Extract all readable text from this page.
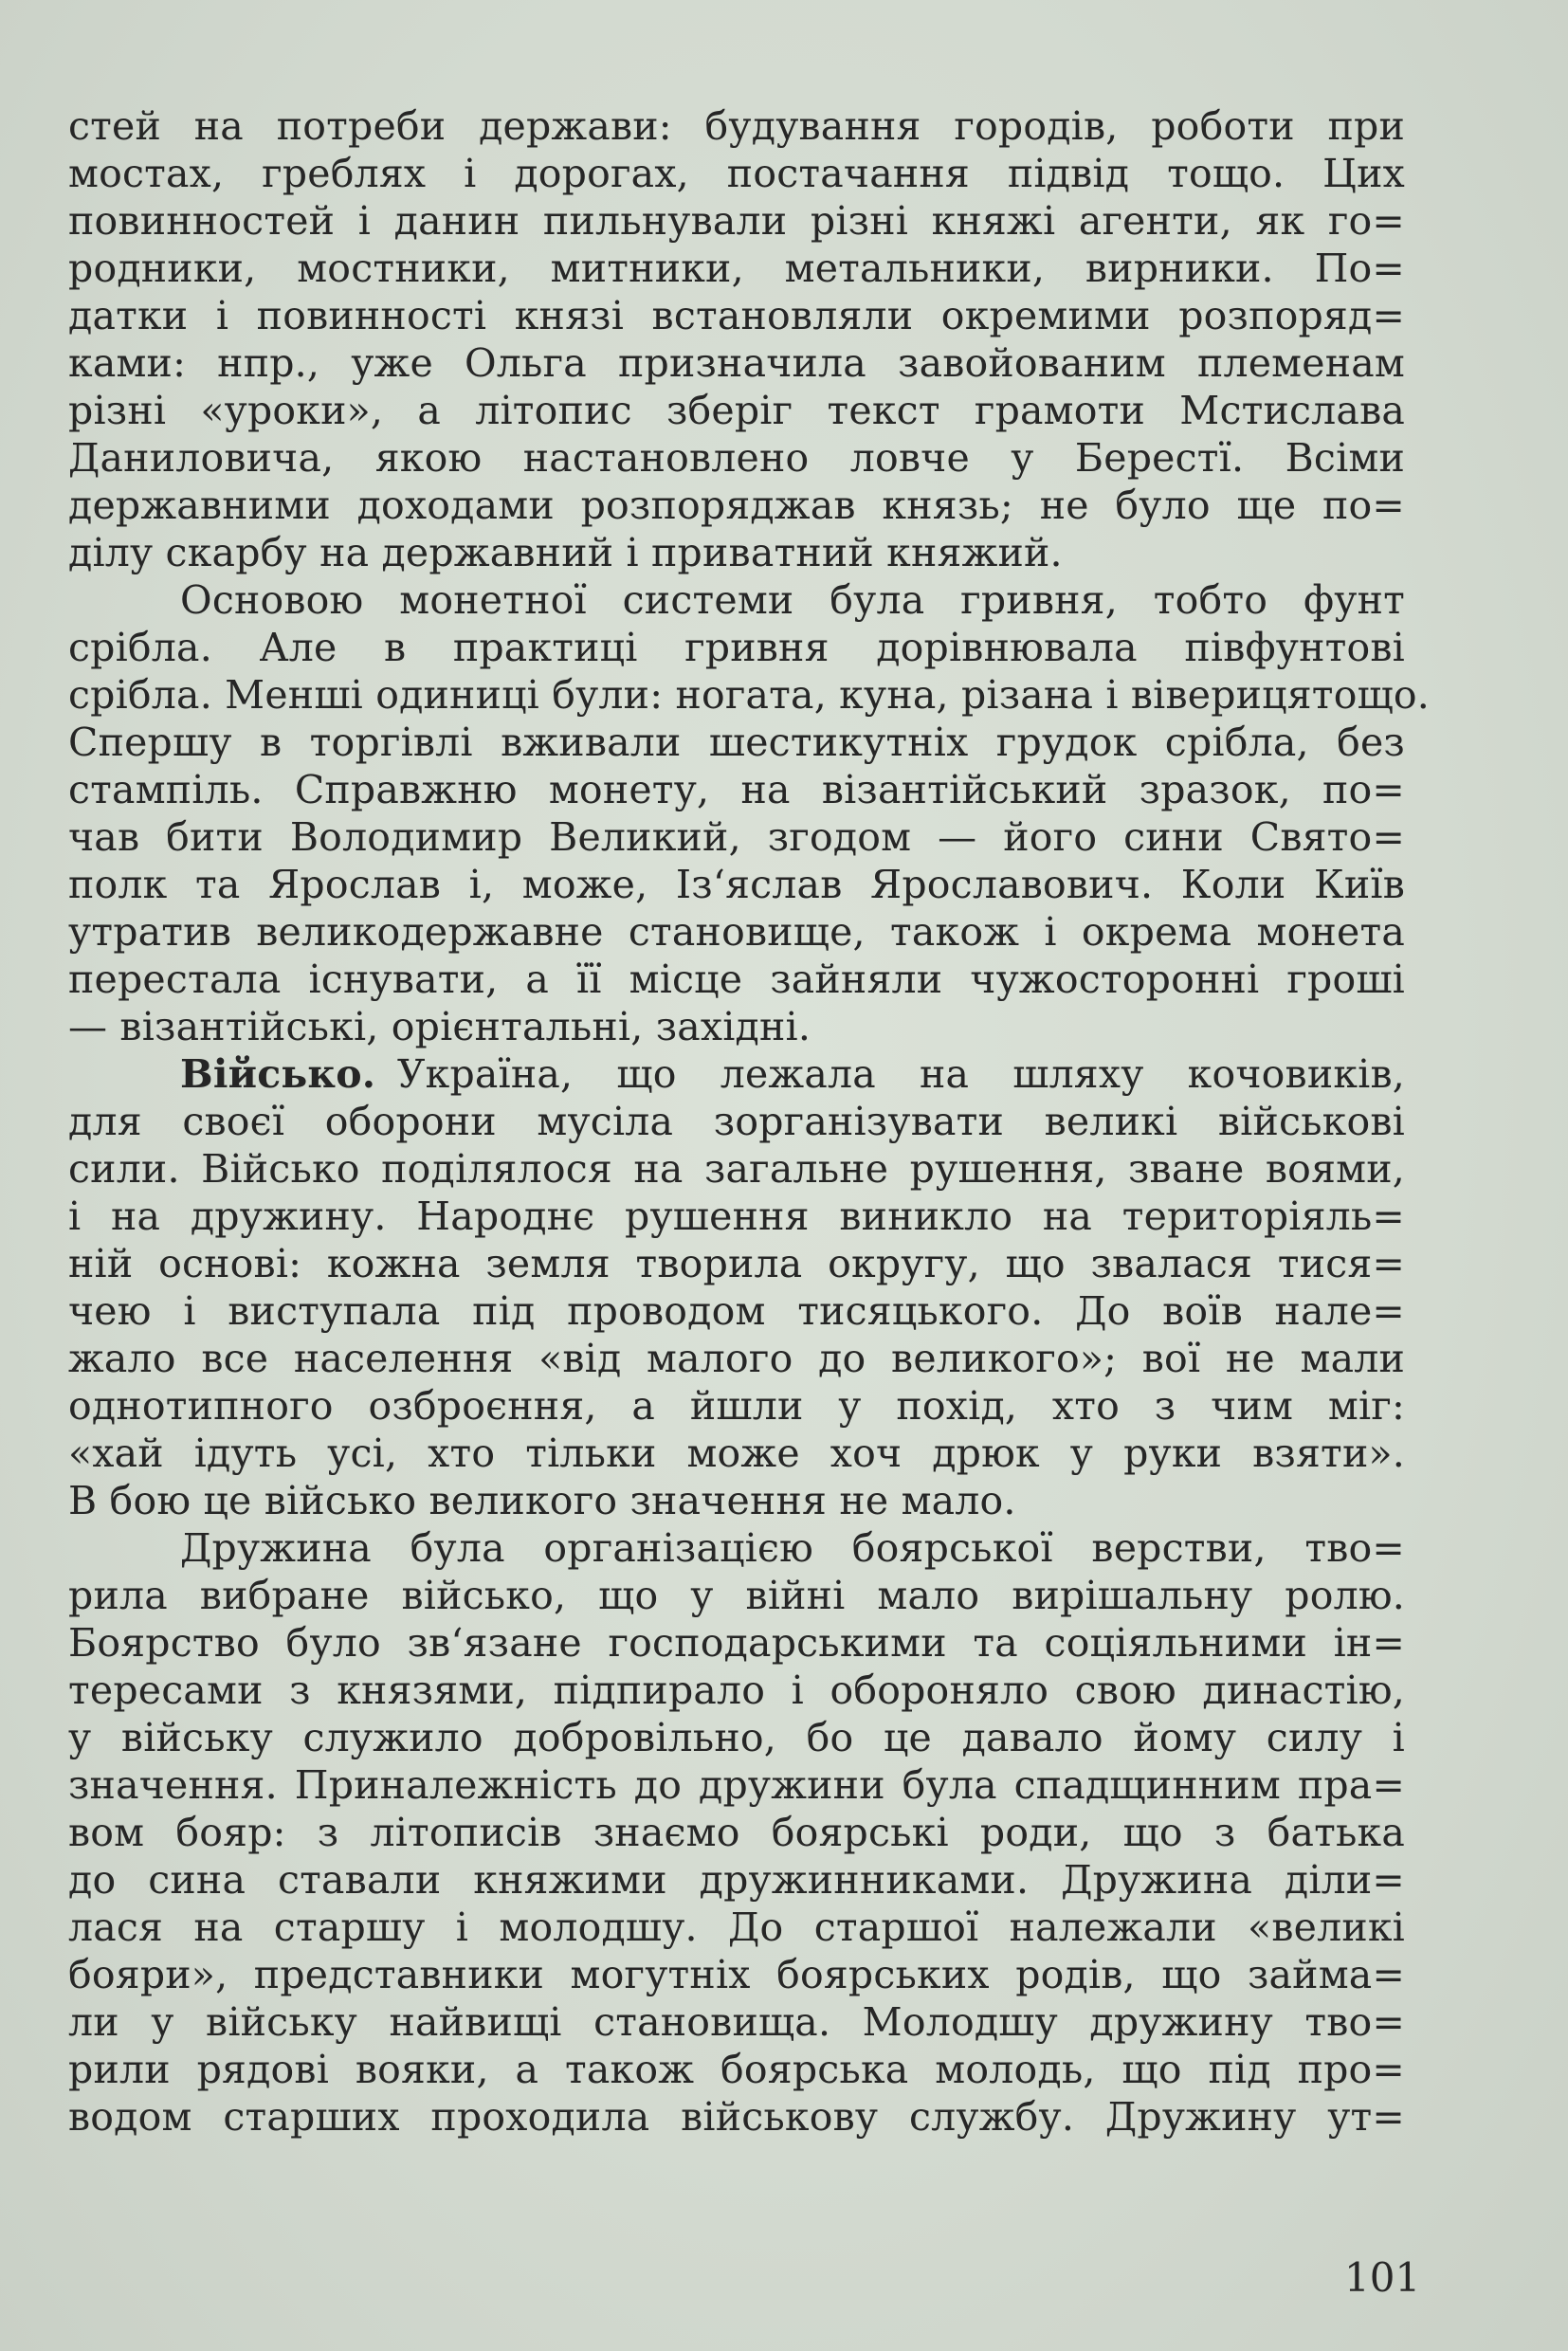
стей на потреби держави: будування городів, роботи при
мостах, греблях і дорогах, постачання підвід тощо. Цих
повинностей і данин пильнували різні княжі агенти, як го=
родники, мостники, митники, метальники, вирники. По=
датки і повинності князі встановляли окремими розпоряд=
ками: нпр., уже Ольга призначила завойованим племенам
різні «уроки», а літопис зберіг текст грамоти Мстислава
Даниловича, якою настановлено ловче у Берестї. Всіми
державними доходами розпоряджав князь; не було ще по=
ділу скарбу на державний і приватний княжий.
Основою монетної системи була гривня, тобто фунт
срібла. Але в практиці гривня дорівнювала півфунтові
срібла. Менші одиниці були: ногата, куна, різана і віверицятощо.
Спершу в торгівлі вживали шестикутніх грудок срібла, без
стампіль. Справжню монету, на візантійський зразок, по=
чав бити Володимир Великий, згодом — його сини Свято=
полк та Ярослав і, може, Ізʻяслав Ярославович. Коли Київ
утратив великодержавне становище, також і окрема монета
перестала існувати, а її місце зайняли чужосторонні гроші
— візантійські, орієнтальні, західні.
Військо. Україна, що лежала на шляху кочовиків,
для своєї оборони мусіла зорганізувати великі військові
сили. Військо поділялося на загальне рушення, зване воями,
і на дружину. Народнє рушення виникло на територіяль=
ній основі: кожна земля творила округу, що звалася тися=
чею і виступала під проводом тисяцького. До воїв нале=
жало все населення «від малого до великого»; вої не мали
однотипного озброєння, а йшли у похід, хто з чим міг:
«хай ідуть усі, хто тільки може хоч дрюк у руки взяти».
В бою це військо великого значення не мало.
Дружина була організацією боярської верстви, тво=
рила вибране військо, що у війні мало вирішальну ролю.
Боярство було звʻязане господарськими та соціяльними ін=
тересами з князями, підпирало і обороняло свою династію,
у війську служило добровільно, бо це давало йому силу і
значення. Приналежність до дружини була спадщинним пра=
вом бояр: з літописів знаємо боярські роди, що з батька
до сина ставали княжими дружинниками. Дружина діли=
лася на старшу і молодшу. До старшої належали «великі
бояри», представники могутніх боярських родів, що займа=
ли у війську найвищі становища. Молодшу дружину тво=
рили рядові вояки, а також боярська молодь, що під про=
водом старших проходила військову службу. Дружину ут=
101
